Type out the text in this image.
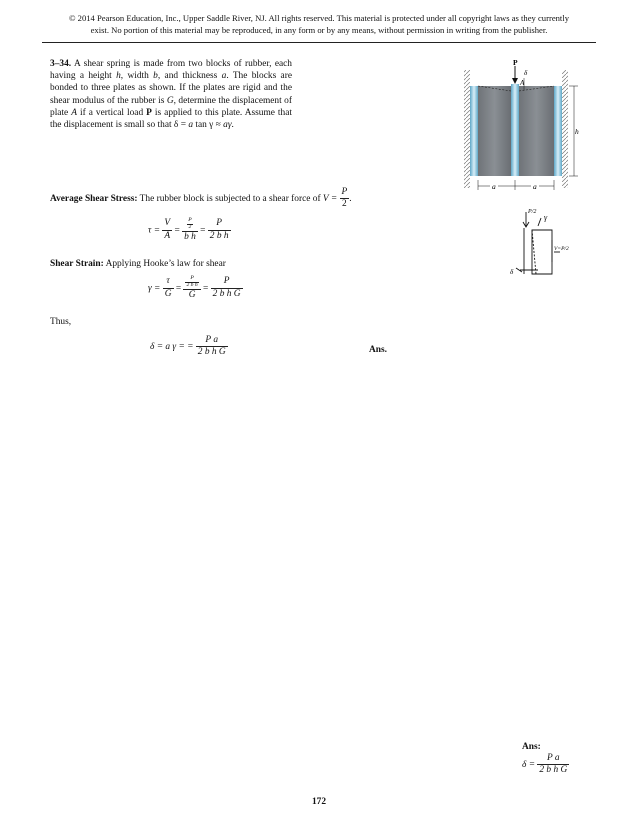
© 2014 Pearson Education, Inc., Upper Saddle River, NJ. All rights reserved. This material is protected under all copyright laws as they currently
exist. No portion of this material may be reproduced, in any form or by any means, without permission in writing from the publisher.
3–34. A shear spring is made from two blocks of rubber, each having a height h, width b, and thickness a. The blocks are bonded to three plates as shown. If the plates are rigid and the shear modulus of the rubber is G, determine the displacement of plate A if a vertical load P is applied to this plate. Assume that the displacement is small so that δ = a tan γ ≈ aγ.
P
δ
A
h
a	a
Average Shear Stress: The rubber block is subjected to a shear force of $V = \frac{P}{2}$ .
$\tau = \frac{V}{A} = \frac{\frac{P}{2}}{\text{b h}} = \frac{P}{\text{2 b h}}$
Shear Strain: Applying Hooke’s law for shear
$\gamma = \frac{\tau}{G} = \frac{\frac{P}{\text{2 b h}}}{G} = \frac{P}{\text{2 b h G}}$
Thus,
δ = a γ = = $\frac{\text{P a}}{\text{2 b h G}}$	Ans.
P/2
γ
V=P/2
δ
Ans:
$\delta = \frac{\text{P a}}{\text{2 b h G}}$
172
